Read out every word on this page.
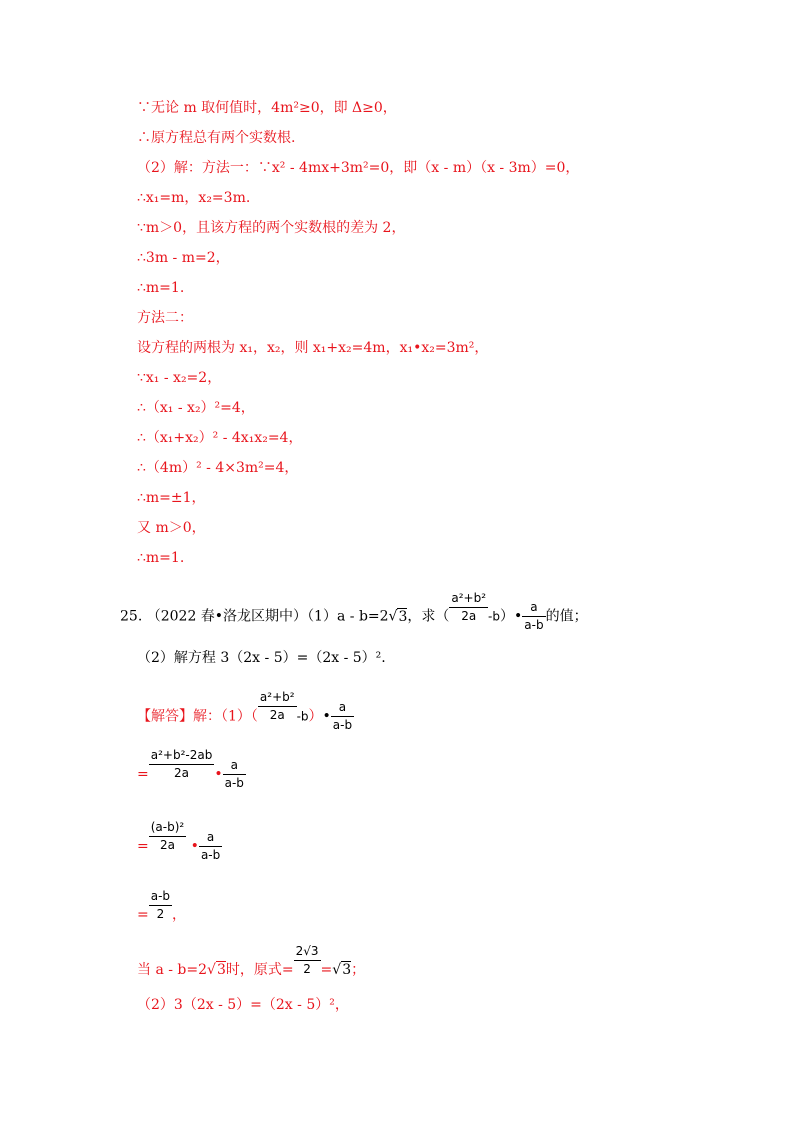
∵无论 m 取何值时，4m²≥0，即 Δ≥0，
∴原方程总有两个实数根.
（2）解：方法一：∵x² - 4mx+3m²=0，即（x - m）（x - 3m）=0，
∴x₁=m，x₂=3m.
∵m＞0，且该方程的两个实数根的差为 2，
∴3m - m=2，
∴m=1.
方法二：
设方程的两根为 x₁，x₂，则 x₁+x₂=4m，x₁•x₂=3m²，
∵x₁ - x₂=2，
∴（x₁ - x₂）²=4，
∴（x₁+x₂）² - 4x₁x₂=4，
∴（4m）² - 4×3m²=4，
∴m=±1，
又 m＞0，
∴m=1.
25. （2022 春•洛龙区期中）（1）a - b=2√3，求（ $\frac{\text{a²+b²}}{2a}$ -b）• $\frac{a}{a-b}$ 的值；
（2）解方程 3（2x - 5）=（2x - 5）².
【解答】解：$(1)( \frac{\text{a²+b²}}{2a}$ -b）• $\frac{a}{a-b}$
= $\frac{\text{a²+b²-2ab}}{2a}$ • $\frac{a}{a-b}$
= $\frac{\text{(a-b)²}}{2a}$ • $\frac{a}{a-b}$
= $\frac{a-b}{2}$ ，
当 a - b=2√3时，原式= $\frac{2√3}{2} =√3$；
（2）3（2x - 5）=（2x - 5）²，
